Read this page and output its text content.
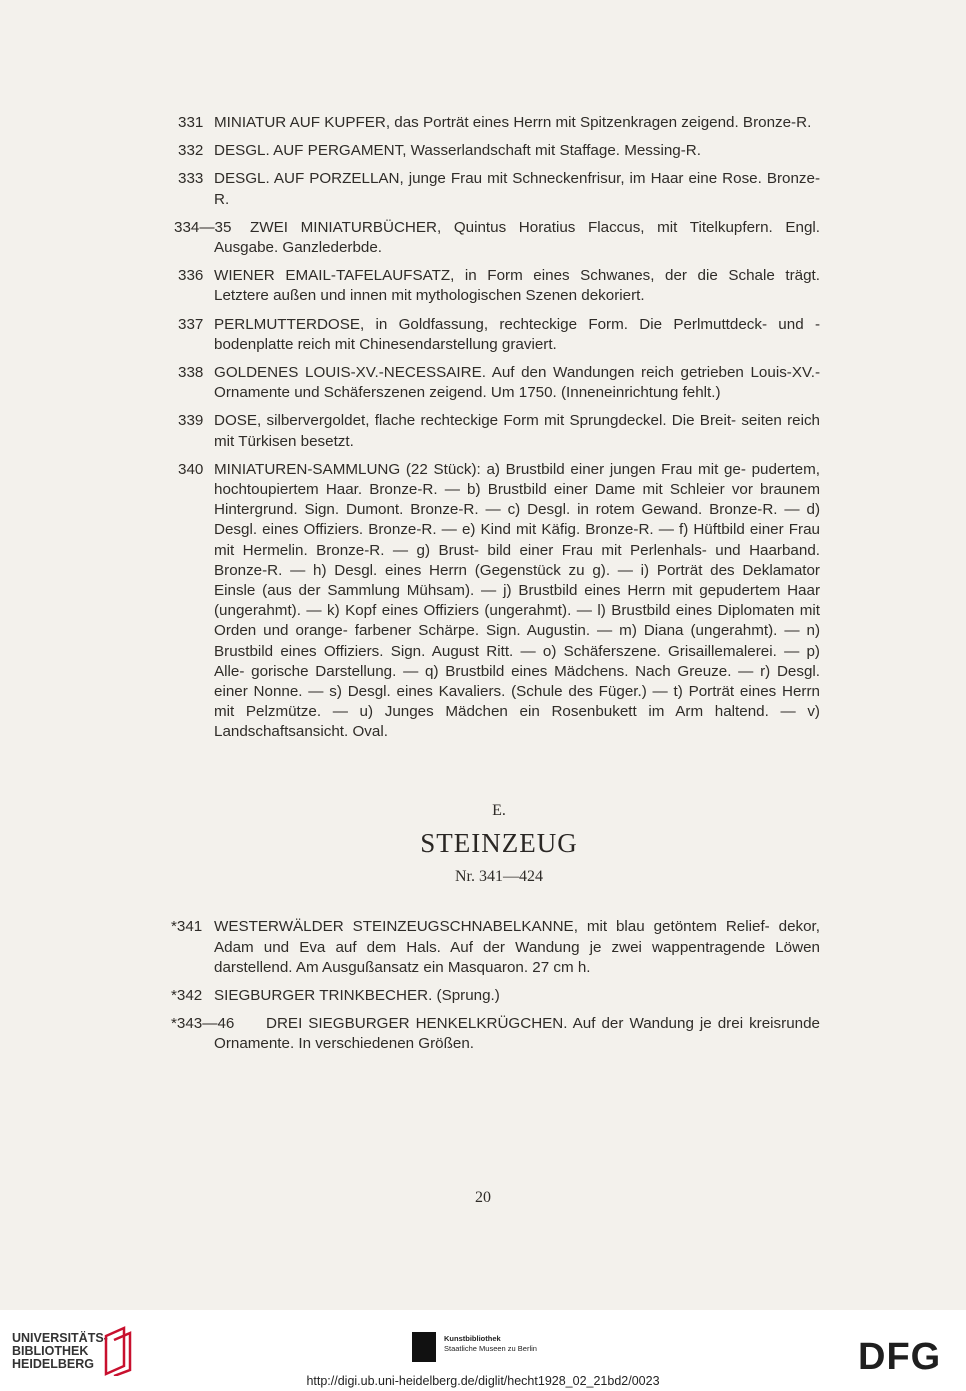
331 MINIATUR AUF KUPFER, das Porträt eines Herrn mit Spitzenkragen zeigend. Bronze-R.
332 DESGL. AUF PERGAMENT, Wasserlandschaft mit Staffage. Messing-R.
333 DESGL. AUF PORZELLAN, junge Frau mit Schneckenfrisur, im Haar eine Rose. Bronze-R.
334—35	ZWEI MINIATURBÜCHER, Quintus Horatius Flaccus, mit Titelkupfern. Engl. Ausgabe. Ganzlederbde.
336 WIENER EMAIL-TAFELAUFSATZ, in Form eines Schwanes, der die Schale trägt. Letztere außen und innen mit mythologischen Szenen dekoriert.
337 PERLMUTTERDOSE, in Goldfassung, rechteckige Form. Die Perlmuttdeck- und -bodenplatte reich mit Chinesendarstellung graviert.
338 GOLDENES LOUIS-XV.-NECESSAIRE. Auf den Wandungen reich getrieben Louis-XV.-Ornamente und Schäferszenen zeigend. Um 1750. (Inneneinrichtung fehlt.)
339 DOSE, silbervergoldet, flache rechteckige Form mit Sprungdeckel. Die Breit- seiten reich mit Türkisen besetzt.
340 MINIATUREN-SAMMLUNG (22 Stück): a) Brustbild einer jungen Frau mit ge- pudertem, hochtoupiertem Haar. Bronze-R. — b) Brustbild einer Dame mit Schleier vor braunem Hintergrund. Sign. Dumont. Bronze-R. — c) Desgl. in rotem Gewand. Bronze-R. — d) Desgl. eines Offiziers. Bronze-R. — e) Kind mit Käfig. Bronze-R. — f) Hüftbild einer Frau mit Hermelin. Bronze-R. — g) Brust- bild einer Frau mit Perlenhals- und Haarband. Bronze-R. — h) Desgl. eines Herrn (Gegenstück zu g). — i) Porträt des Deklamator Einsle (aus der Sammlung Mühsam). — j) Brustbild eines Herrn mit gepudertem Haar (ungerahmt). — k) Kopf eines Offiziers (ungerahmt). — l) Brustbild eines Diplomaten mit Orden und orange- farbener Schärpe. Sign. Augustin. — m) Diana (ungerahmt). — n) Brustbild eines Offiziers. Sign. August Ritt. — o) Schäferszene. Grisaillemalerei. — p) Alle- gorische Darstellung. — q) Brustbild eines Mädchens. Nach Greuze. — r) Desgl. einer Nonne. — s) Desgl. eines Kavaliers. (Schule des Füger.) — t) Porträt eines Herrn mit Pelzmütze. — u) Junges Mädchen ein Rosenbukett im Arm haltend. — v) Landschaftsansicht. Oval.
E.
STEINZEUG
Nr. 341—424
*341 WESTERWÄLDER STEINZEUGSCHNABELKANNE, mit blau getöntem Relief- dekor, Adam und Eva auf dem Hals. Auf der Wandung je zwei wappentragende Löwen darstellend. Am Ausgußansatz ein Masquaron. 27 cm h.
*342 SIEGBURGER TRINKBECHER. (Sprung.)
*343—46	DREI SIEGBURGER HENKELKRÜGCHEN. Auf der Wandung je drei kreisrunde Ornamente. In verschiedenen Größen.
20
UNIVERSITÄTS-
BIBLIOTHEK
HEIDELBERG
Kunstbibliothek
Staatliche Museen zu Berlin	DFG
http://digi.ub.uni-heidelberg.de/diglit/hecht1928_02_21bd2/0023
